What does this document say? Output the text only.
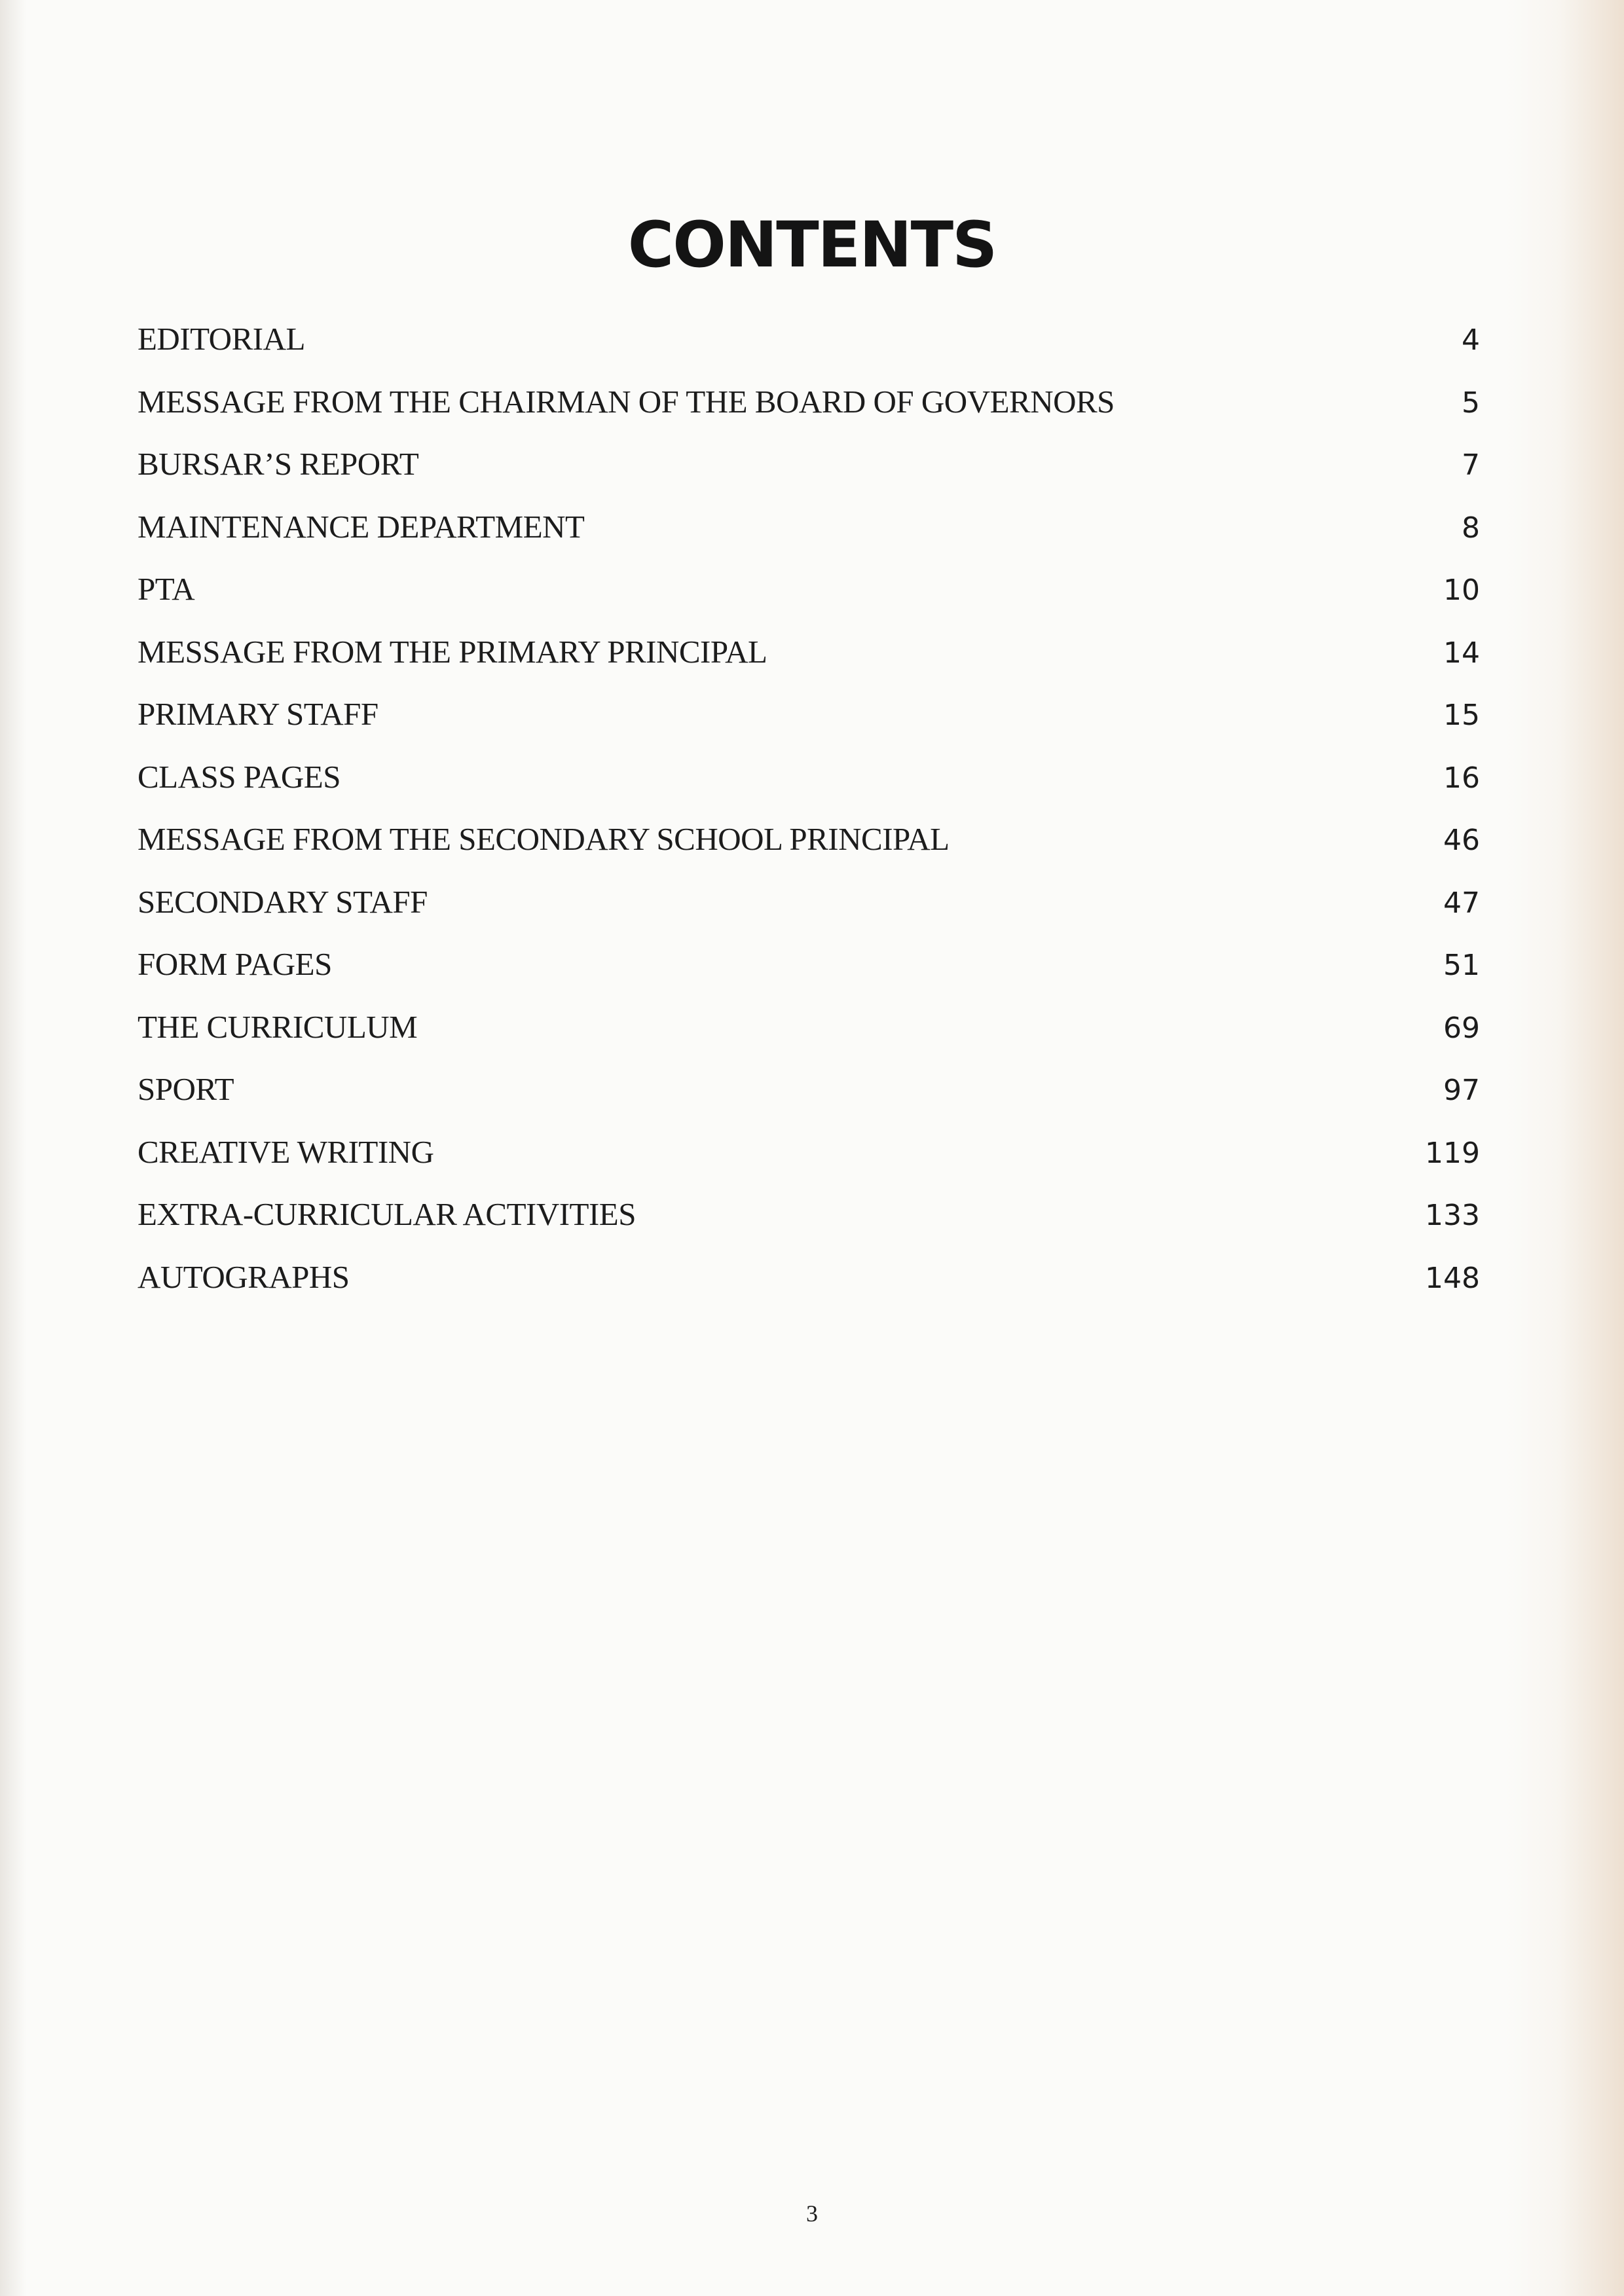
CONTENTS
EDITORIAL	4
MESSAGE FROM THE CHAIRMAN OF THE BOARD OF GOVERNORS	5
BURSAR’S REPORT	7
MAINTENANCE DEPARTMENT	8
PTA	10
MESSAGE FROM THE PRIMARY PRINCIPAL	14
PRIMARY STAFF	15
CLASS PAGES	16
MESSAGE FROM THE SECONDARY SCHOOL PRINCIPAL	46
SECONDARY STAFF	47
FORM PAGES	51
THE CURRICULUM	69
SPORT	97
CREATIVE WRITING	119
EXTRA-CURRICULAR ACTIVITIES	133
AUTOGRAPHS	148
3
